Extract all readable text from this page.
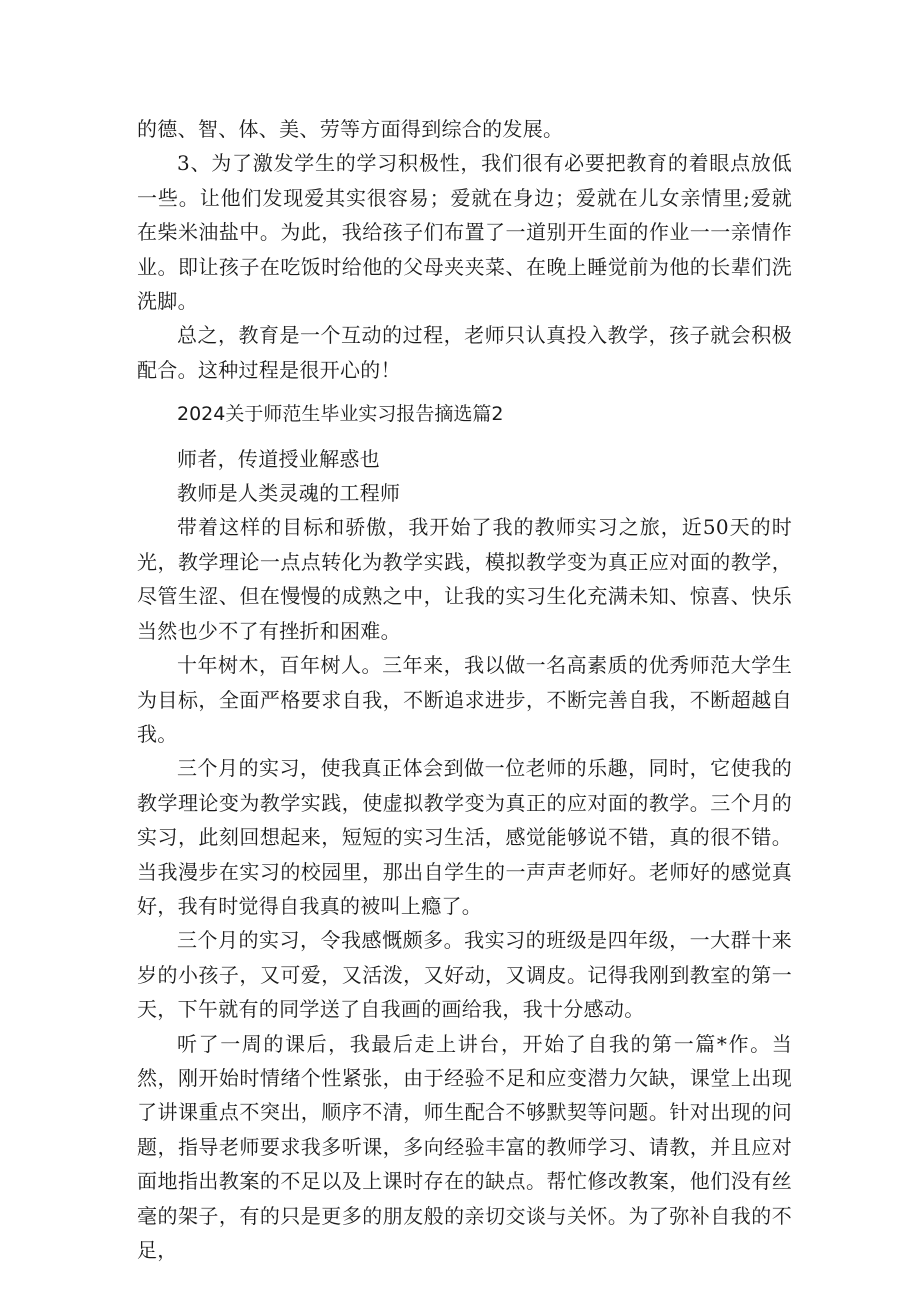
的德、智、体、美、劳等方面得到综合的发展。

3、为了激发学生的学习积极性，我们很有必要把教育的着眼点放低一些。让他们发现爱其实很容易；爱就在身边；爱就在儿女亲情里;爱就在柴米油盐中。为此，我给孩子们布置了一道别开生面的作业一一亲情作业。即让孩子在吃饭时给他的父母夹夹菜、在晚上睡觉前为他的长辈们洗洗脚。

总之，教育是一个互动的过程，老师只认真投入教学，孩子就会积极配合。这种过程是很开心的！

2024关于师范生毕业实习报告摘选篇2

师者，传道授业解惑也

教师是人类灵魂的工程师

带着这样的目标和骄傲，我开始了我的教师实习之旅，近50天的时光，教学理论一点点转化为教学实践，模拟教学变为真正应对面的教学，尽管生涩、但在慢慢的成熟之中，让我的实习生化充满未知、惊喜、快乐当然也少不了有挫折和困难。

十年树木，百年树人。三年来，我以做一名高素质的优秀师范大学生为目标，全面严格要求自我，不断追求进步，不断完善自我，不断超越自我。

三个月的实习，使我真正体会到做一位老师的乐趣，同时，它使我的教学理论变为教学实践，使虚拟教学变为真正的应对面的教学。三个月的实习，此刻回想起来，短短的实习生活，感觉能够说不错，真的很不错。当我漫步在实习的校园里，那出自学生的一声声老师好。老师好的感觉真好，我有时觉得自我真的被叫上瘾了。

三个月的实习，令我感慨颇多。我实习的班级是四年级，一大群十来岁的小孩子，又可爱，又活泼，又好动，又调皮。记得我刚到教室的第一天，下午就有的同学送了自我画的画给我，我十分感动。

听了一周的课后，我最后走上讲台，开始了自我的第一篇*作。当然，刚开始时情绪个性紧张，由于经验不足和应变潜力欠缺，课堂上出现了讲课重点不突出，顺序不清，师生配合不够默契等问题。针对出现的问题，指导老师要求我多听课，多向经验丰富的教师学习、请教，并且应对面地指出教案的不足以及上课时存在的缺点。帮忙修改教案，他们没有丝毫的架子，有的只是更多的朋友般的亲切交谈与关怀。为了弥补自我的不足，
